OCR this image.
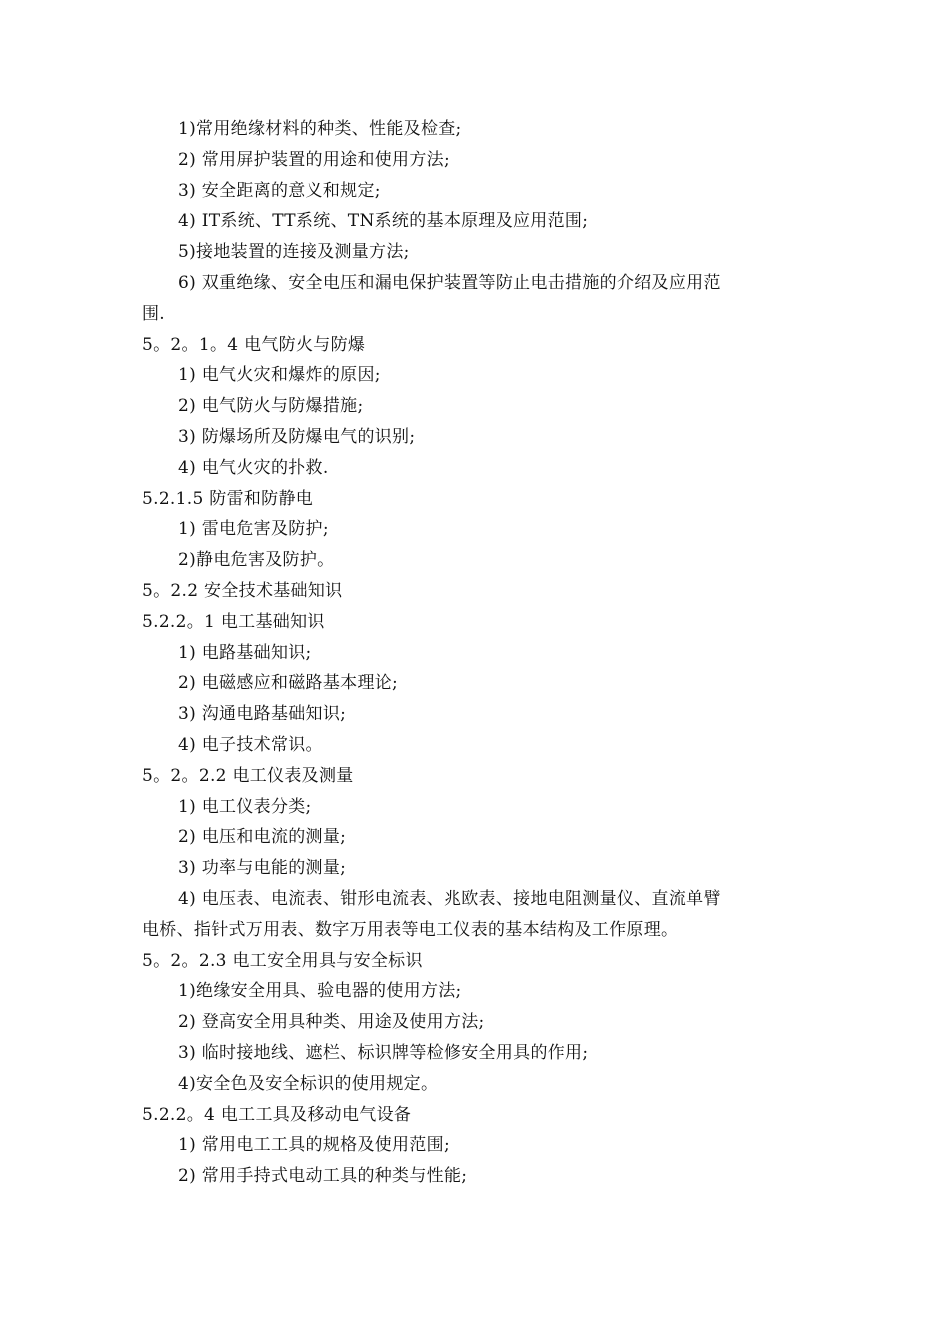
1)常用绝缘材料的种类、性能及检查;
2) 常用屏护装置的用途和使用方法;
3) 安全距离的意义和规定;
4) IT系统、TT系统、TN系统的基本原理及应用范围;
5)接地装置的连接及测量方法;
6) 双重绝缘、安全电压和漏电保护装置等防止电击措施的介绍及应用范
围.
5。2。1。4 电气防火与防爆
1) 电气火灾和爆炸的原因;
2) 电气防火与防爆措施;
3) 防爆场所及防爆电气的识别;
4) 电气火灾的扑救.
5.2.1.5 防雷和防静电
1) 雷电危害及防护;
2)静电危害及防护。
5。2.2 安全技术基础知识
5.2.2。1 电工基础知识
1) 电路基础知识;
2) 电磁感应和磁路基本理论;
3) 沟通电路基础知识;
4) 电子技术常识。
5。2。2.2 电工仪表及测量
1) 电工仪表分类;
2) 电压和电流的测量;
3) 功率与电能的测量;
4) 电压表、电流表、钳形电流表、兆欧表、接地电阻测量仪、直流单臂
电桥、指针式万用表、数字万用表等电工仪表的基本结构及工作原理。
5。2。2.3 电工安全用具与安全标识
1)绝缘安全用具、验电器的使用方法;
2) 登高安全用具种类、用途及使用方法;
3) 临时接地线、遮栏、标识牌等检修安全用具的作用;
4)安全色及安全标识的使用规定。
5.2.2。4 电工工具及移动电气设备
1) 常用电工工具的规格及使用范围;
2) 常用手持式电动工具的种类与性能;
